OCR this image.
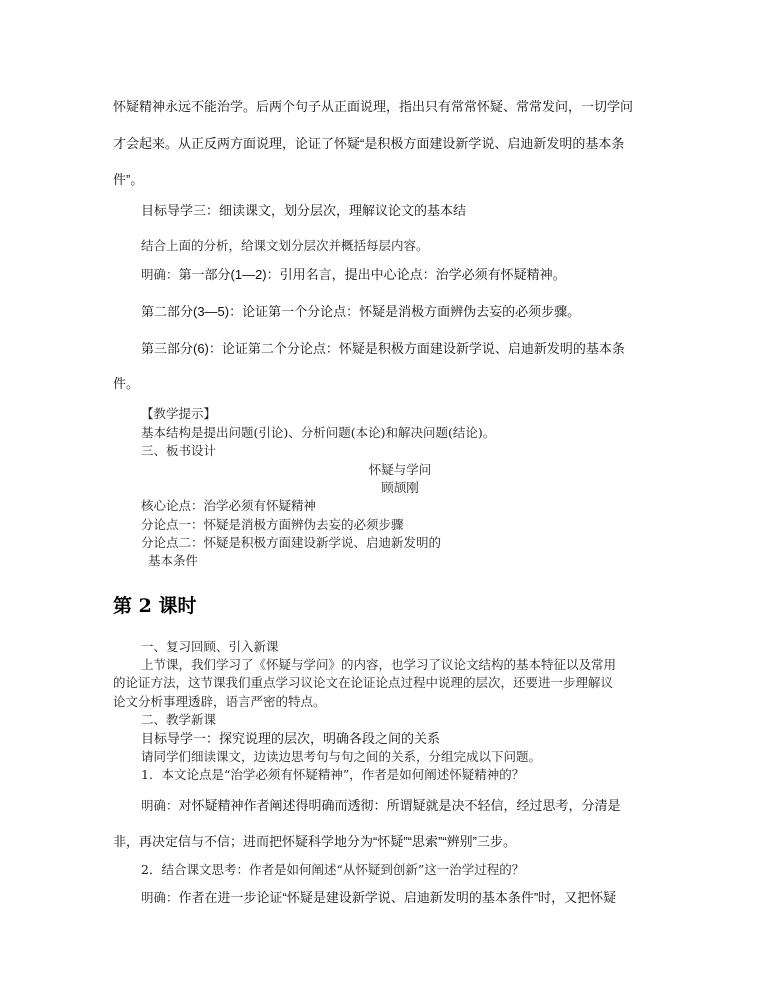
怀疑精神永远不能治学。后两个句子从正面说理，指出只有常常怀疑、常常发问，一切学问
才会起来。从正反两方面说理，论证了怀疑“是积极方面建设新学说、启迪新发明的基本条
件”。
目标导学三：细读课文，划分层次，理解议论文的基本结
结合上面的分析，给课文划分层次并概括每层内容。
明确：第一部分(1—2)：引用名言，提出中心论点：治学必须有怀疑精神。
第二部分(3—5)：论证第一个分论点：怀疑是消极方面辨伪去妄的必须步骤。
第三部分(6)：论证第二个分论点：怀疑是积极方面建设新学说、启迪新发明的基本条
件。
【教学提示】
基本结构是提出问题(引论)、分析问题(本论)和解决问题(结论)。
三、板书设计
怀疑与学问
顾颉刚
核心论点：治学必须有怀疑精神
分论点一：怀疑是消极方面辨伪去妄的必须步骤
分论点二：怀疑是积极方面建设新学说、启迪新发明的
基本条件
第 2 课时
一、复习回顾、引入新课
上节课，我们学习了《怀疑与学问》的内容，也学习了议论文结构的基本特征以及常用
的论证方法，这节课我们重点学习议论文在论证论点过程中说理的层次，还要进一步理解议
论文分析事理透辟，语言严密的特点。
二、教学新课
目标导学一：探究说理的层次，明确各段之间的关系
请同学们细读课文，边读边思考句与句之间的关系，分组完成以下问题。
1．本文论点是“治学必须有怀疑精神”，作者是如何阐述怀疑精神的？
明确：对怀疑精神作者阐述得明确而透彻：所谓疑就是决不轻信，经过思考，分清是
非，再决定信与不信；进而把怀疑科学地分为“怀疑”“思索”“辨别”三步。
2．结合课文思考：作者是如何阐述“从怀疑到创新”这一治学过程的？
明确：作者在进一步论证“怀疑是建设新学说、启迪新发明的基本条件”时，又把怀疑
